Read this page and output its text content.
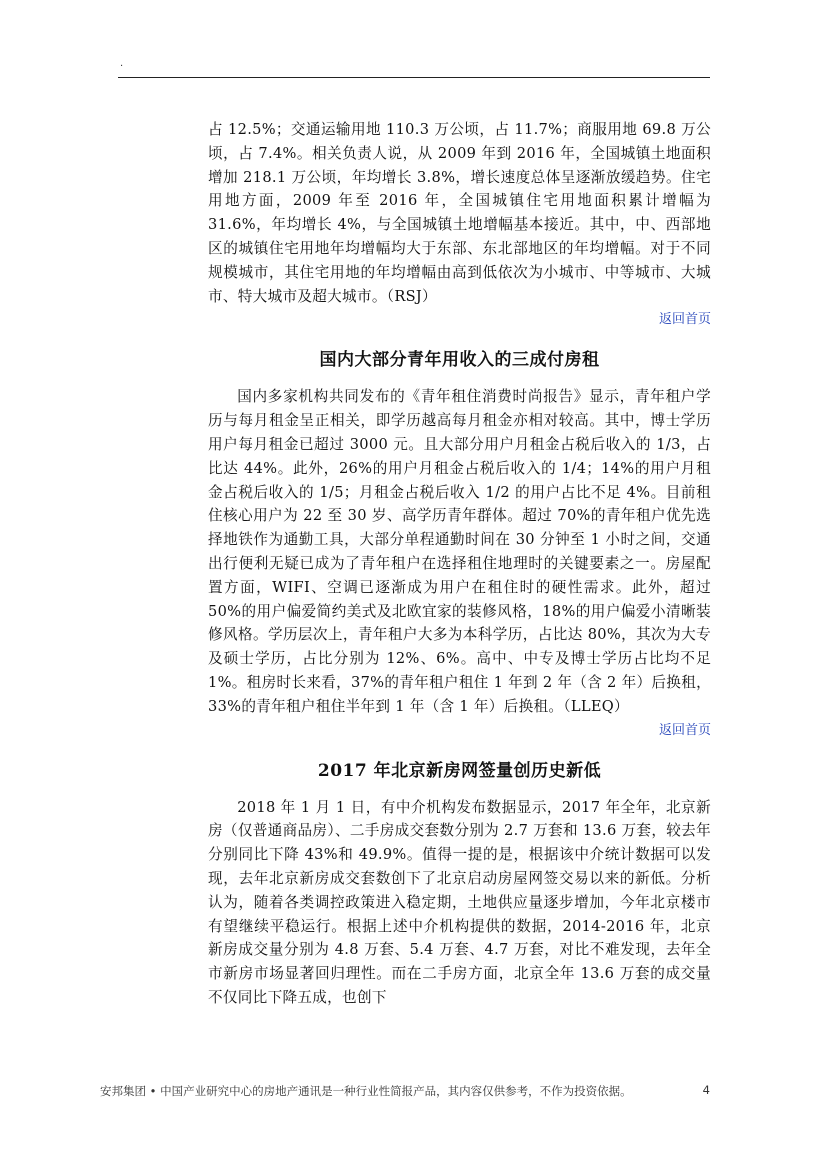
.

占 12.5%；交通运输用地 110.3 万公顷，占 11.7%；商服用地 69.8 万公顷，占 7.4%。相关负责人说，从 2009 年到 2016 年，全国城镇土地面积增加 218.1 万公顷，年均增长 3.8%，增长速度总体呈逐渐放缓趋势。住宅用地方面，2009 年至 2016 年，全国城镇住宅用地面积累计增幅为 31.6%，年均增长 4%，与全国城镇土地增幅基本接近。其中，中、西部地区的城镇住宅用地年均增幅均大于东部、东北部地区的年均增幅。对于不同规模城市，其住宅用地的年均增幅由高到低依次为小城市、中等城市、大城市、特大城市及超大城市。（RSJ）

返回首页
国内大部分青年用收入的三成付房租

国内多家机构共同发布的《青年租住消费时尚报告》显示，青年租户学历与每月租金呈正相关，即学历越高每月租金亦相对较高。其中，博士学历用户每月租金已超过 3000 元。且大部分用户月租金占税后收入的 1/3，占比达 44%。此外，26%的用户月租金占税后收入的 1/4；14%的用户月租金占税后收入的 1/5；月租金占税后收入 1/2 的用户占比不足 4%。目前租住核心用户为 22 至 30 岁、高学历青年群体。超过 70%的青年租户优先选择地铁作为通勤工具，大部分单程通勤时间在 30 分钟至 1 小时之间，交通出行便利无疑已成为了青年租户在选择租住地理时的关键要素之一。房屋配置方面，WIFI、空调已逐渐成为用户在租住时的硬性需求。此外，超过 50%的用户偏爱简约美式及北欧宜家的装修风格，18%的用户偏爱小清晰装修风格。学历层次上，青年租户大多为本科学历，占比达 80%，其次为大专及硕士学历，占比分别为 12%、6%。高中、中专及博士学历占比均不足 1%。租房时长来看，37%的青年租户租住 1 年到 2 年（含 2 年）后换租，33%的青年租户租住半年到 1 年（含 1 年）后换租。（LLEQ）

返回首页
2017 年北京新房网签量创历史新低

2018 年 1 月 1 日，有中介机构发布数据显示，2017 年全年，北京新房（仅普通商品房）、二手房成交套数分别为 2.7 万套和 13.6 万套，较去年分别同比下降 43%和 49.9%。值得一提的是，根据该中介统计数据可以发现，去年北京新房成交套数创下了北京启动房屋网签交易以来的新低。分析认为，随着各类调控政策进入稳定期，土地供应量逐步增加，今年北京楼市有望继续平稳运行。根据上述中介机构提供的数据，2014-2016 年，北京新房成交量分别为 4.8 万套、5.4 万套、4.7 万套，对比不难发现，去年全市新房市场显著回归理性。而在二手房方面，北京全年 13.6 万套的成交量不仅同比下降五成，也创下

安邦集团 • 中国产业研究中心的房地产通讯是一种行业性简报产品，其内容仅供参考，不作为投资依据。	4
